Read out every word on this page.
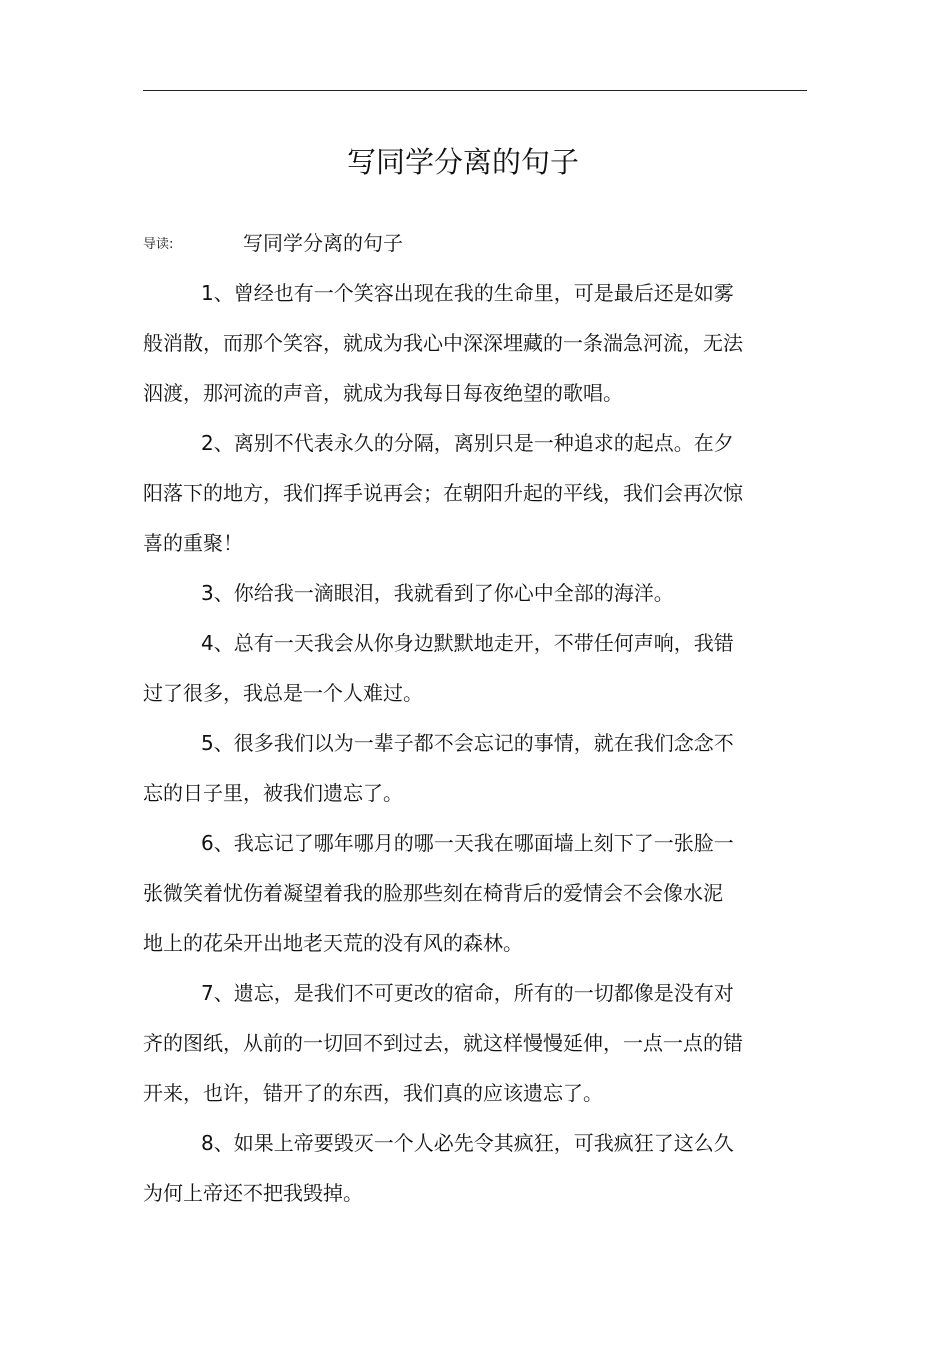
写同学分离的句子
导读:	写同学分离的句子
1、曾经也有一个笑容出现在我的生命里，可是最后还是如雾
般消散，而那个笑容，就成为我心中深深埋藏的一条湍急河流，无法
泅渡，那河流的声音，就成为我每日每夜绝望的歌唱。
2、离别不代表永久的分隔，离别只是一种追求的起点。在夕
阳落下的地方，我们挥手说再会；在朝阳升起的平线，我们会再次惊
喜的重聚！
3、你给我一滴眼泪，我就看到了你心中全部的海洋。
4、总有一天我会从你身边默默地走开，不带任何声响，我错
过了很多，我总是一个人难过。
5、很多我们以为一辈子都不会忘记的事情，就在我们念念不
忘的日子里，被我们遗忘了。
6、我忘记了哪年哪月的哪一天我在哪面墙上刻下了一张脸一
张微笑着忧伤着凝望着我的脸那些刻在椅背后的爱情会不会像水泥
地上的花朵开出地老天荒的没有风的森林。
7、遗忘，是我们不可更改的宿命，所有的一切都像是没有对
齐的图纸，从前的一切回不到过去，就这样慢慢延伸，一点一点的错
开来，也许，错开了的东西，我们真的应该遗忘了。
8、如果上帝要毁灭一个人必先令其疯狂，可我疯狂了这么久
为何上帝还不把我毁掉。
